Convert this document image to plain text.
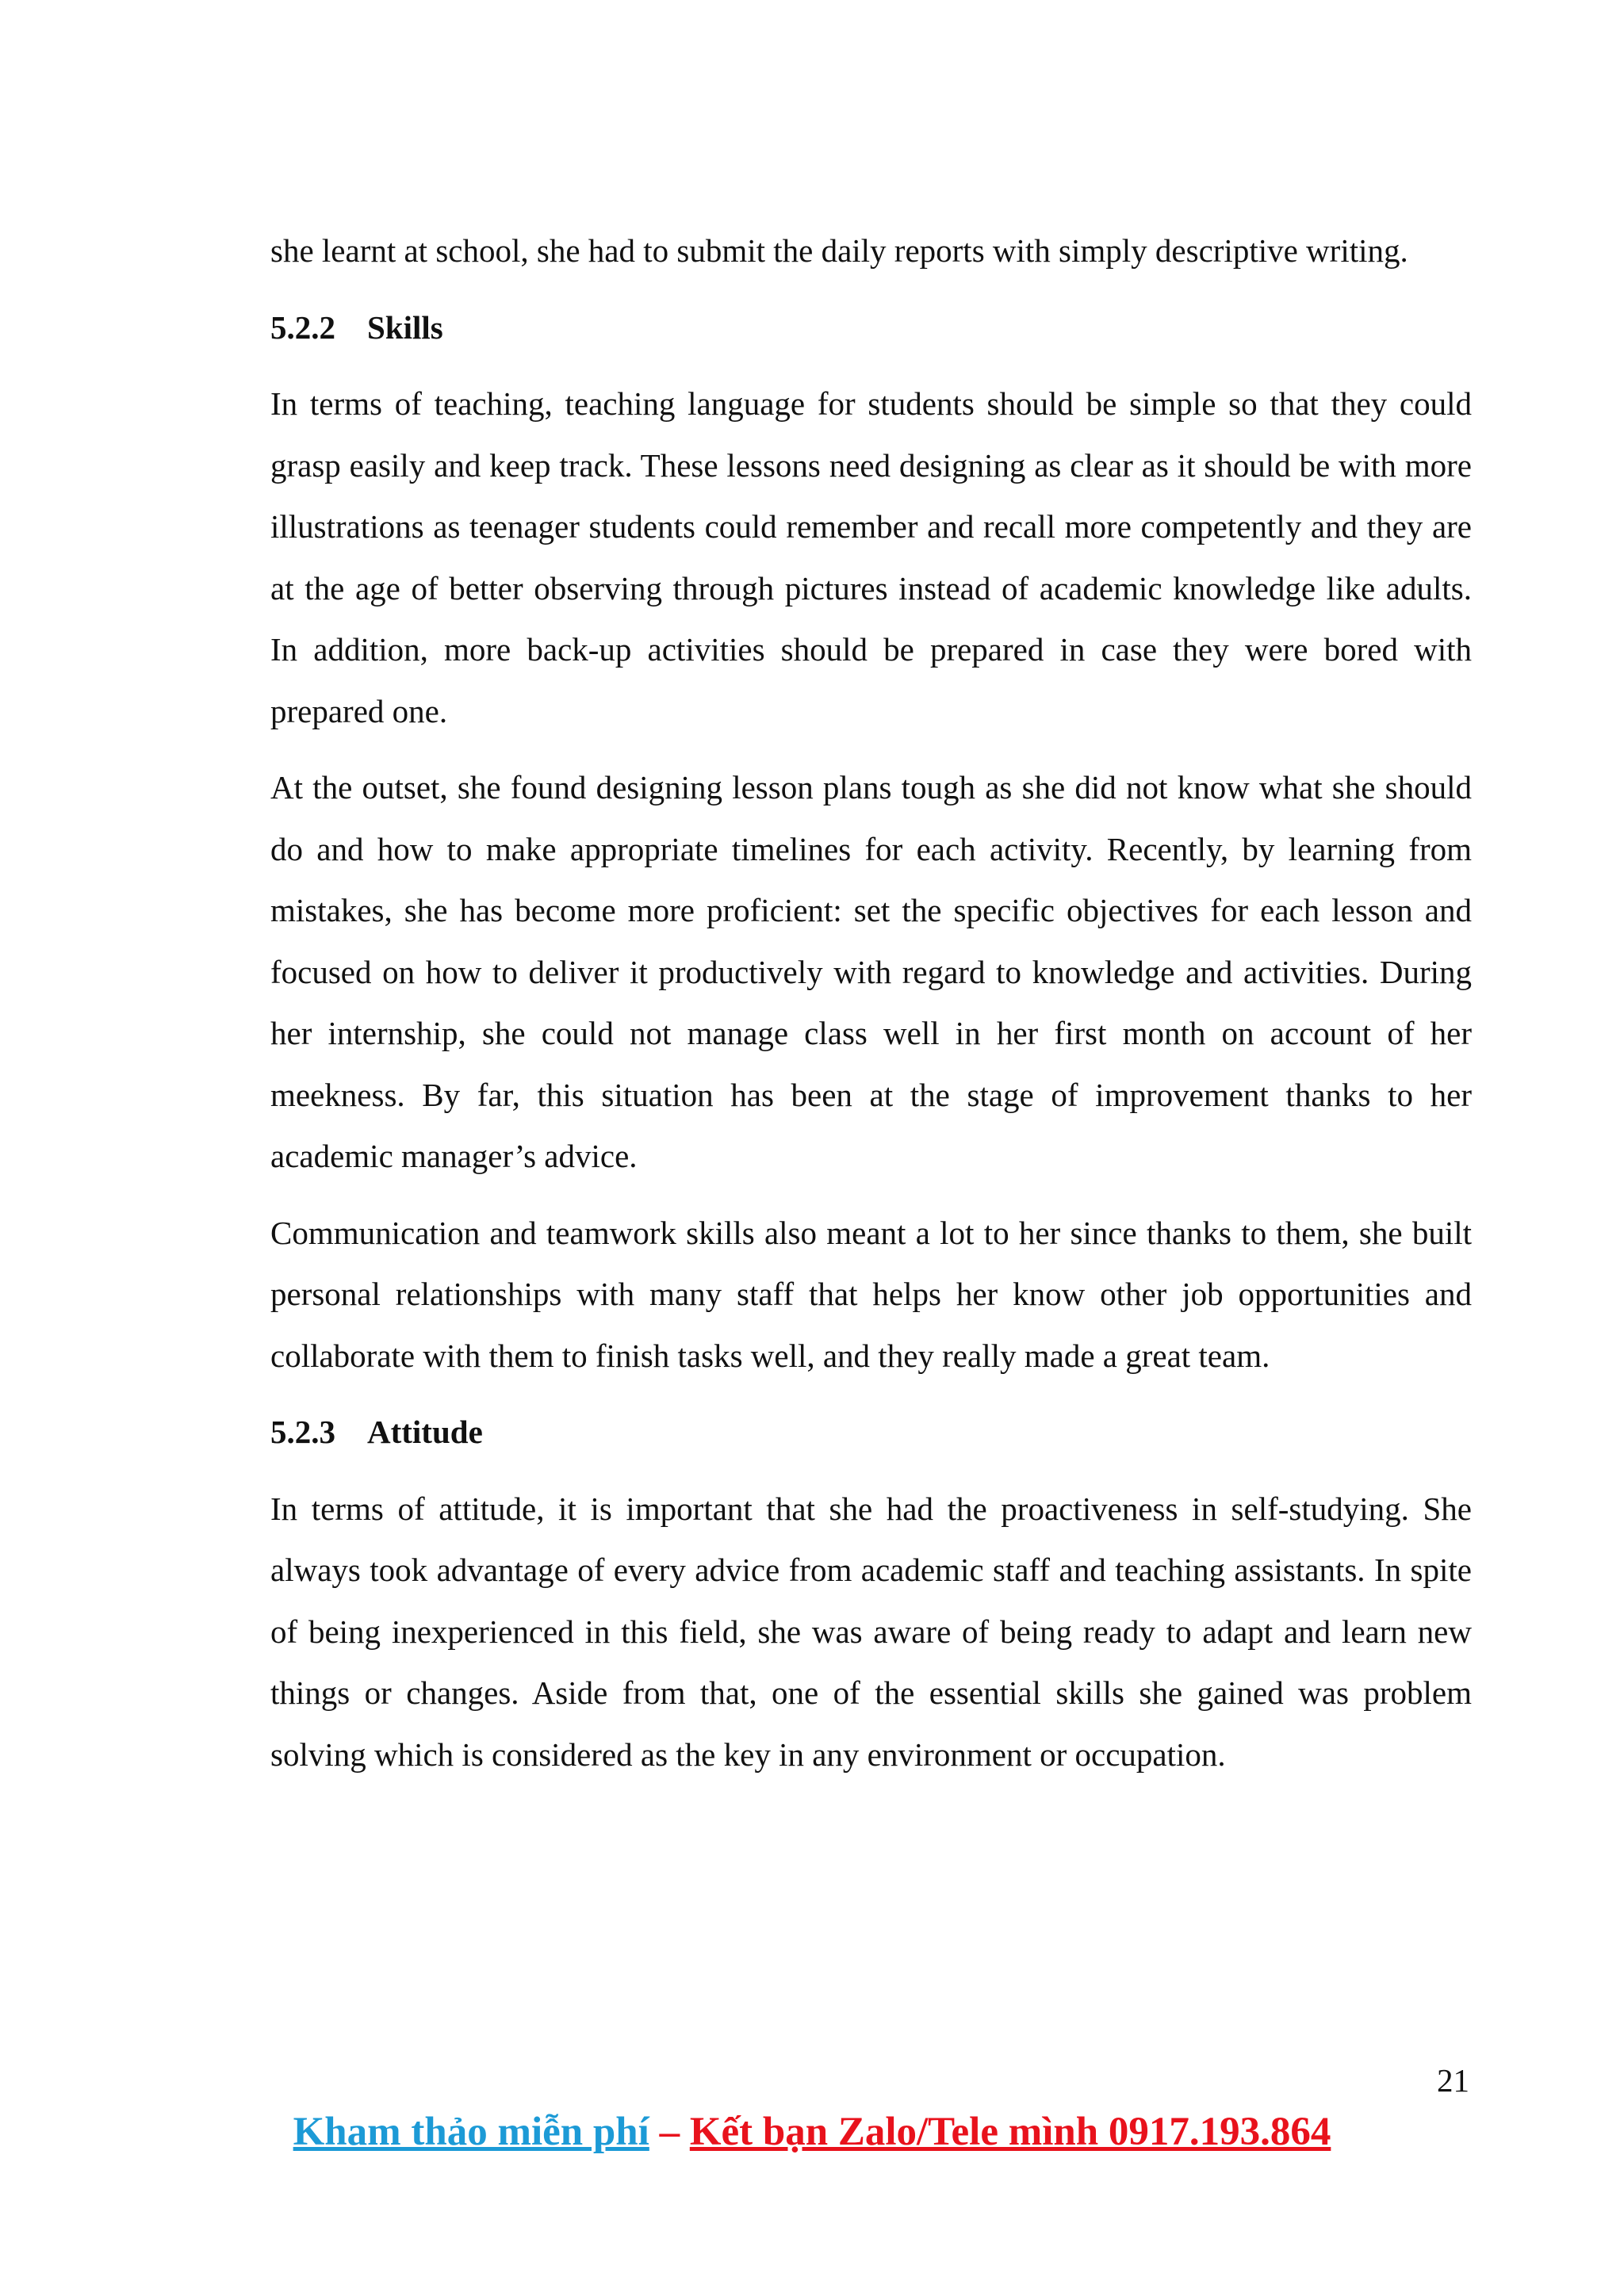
she learnt at school, she had to submit the daily reports with simply descriptive writing.

5.2.2 Skills

In terms of teaching, teaching language for students should be simple so that they could grasp easily and keep track. These lessons need designing as clear as it should be with more illustrations as teenager students could remember and recall more competently and they are at the age of better observing through pictures instead of academic knowledge like adults. In addition, more back-up activities should be prepared in case they were bored with prepared one.

At the outset, she found designing lesson plans tough as she did not know what she should do and how to make appropriate timelines for each activity. Recently, by learning from mistakes, she has become more proficient: set the specific objectives for each lesson and focused on how to deliver it productively with regard to knowledge and activities. During her internship, she could not manage class well in her first month on account of her meekness. By far, this situation has been at the stage of improvement thanks to her academic manager’s advice.

Communication and teamwork skills also meant a lot to her since thanks to them, she built personal relationships with many staff that helps her know other job opportunities and collaborate with them to finish tasks well, and they really made a great team.

5.2.3 Attitude

In terms of attitude, it is important that she had the proactiveness in self-studying. She always took advantage of every advice from academic staff and teaching assistants. In spite of being inexperienced in this field, she was aware of being ready to adapt and learn new things or changes. Aside from that, one of the essential skills she gained was problem solving which is considered as the key in any environment or occupation.

21
Kham thảo miễn phí – Kết bạn Zalo/Tele mình 0917.193.864
